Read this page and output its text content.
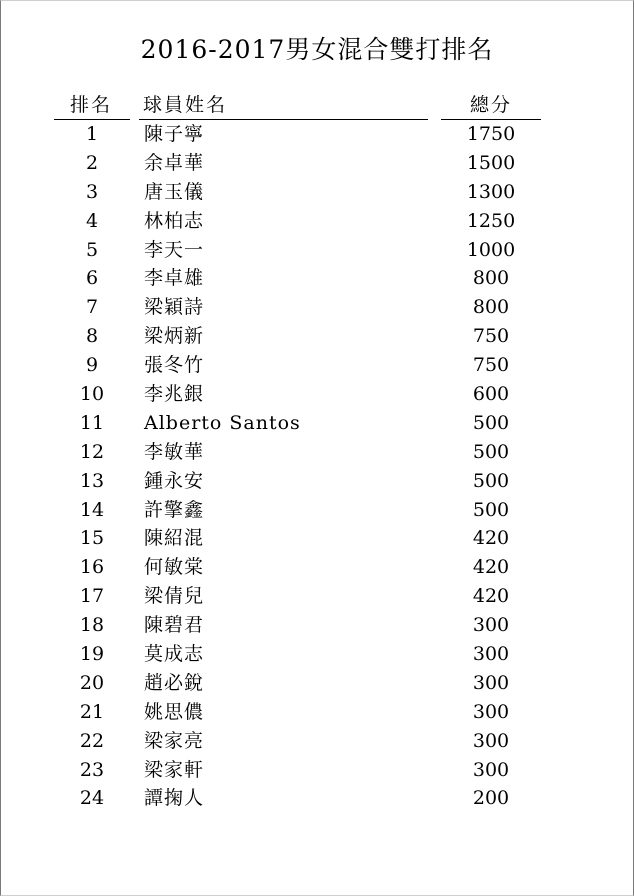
2016-2017男女混合雙打排名
排名 球員姓名	總分
1	陳子寧	1750
2	余卓華	1500
3	唐玉儀	1300
4	林柏志	1250
5	李天一	1000
6	李卓雄	800
7	梁穎詩	800
8	梁炳新	750
9	張冬竹	750
10	李兆銀	600
11	Alberto Santos	500
12	李敏華	500
13	鍾永安	500
14	許擎鑫	500
15	陳紹混	420
16	何敏棠	420
17	梁倩兒	420
18	陳碧君	300
19	莫成志	300
20	趙必銳	300
21	姚思儂	300
22	梁家亮	300
23	梁家軒	300
24	譚掬人	200
